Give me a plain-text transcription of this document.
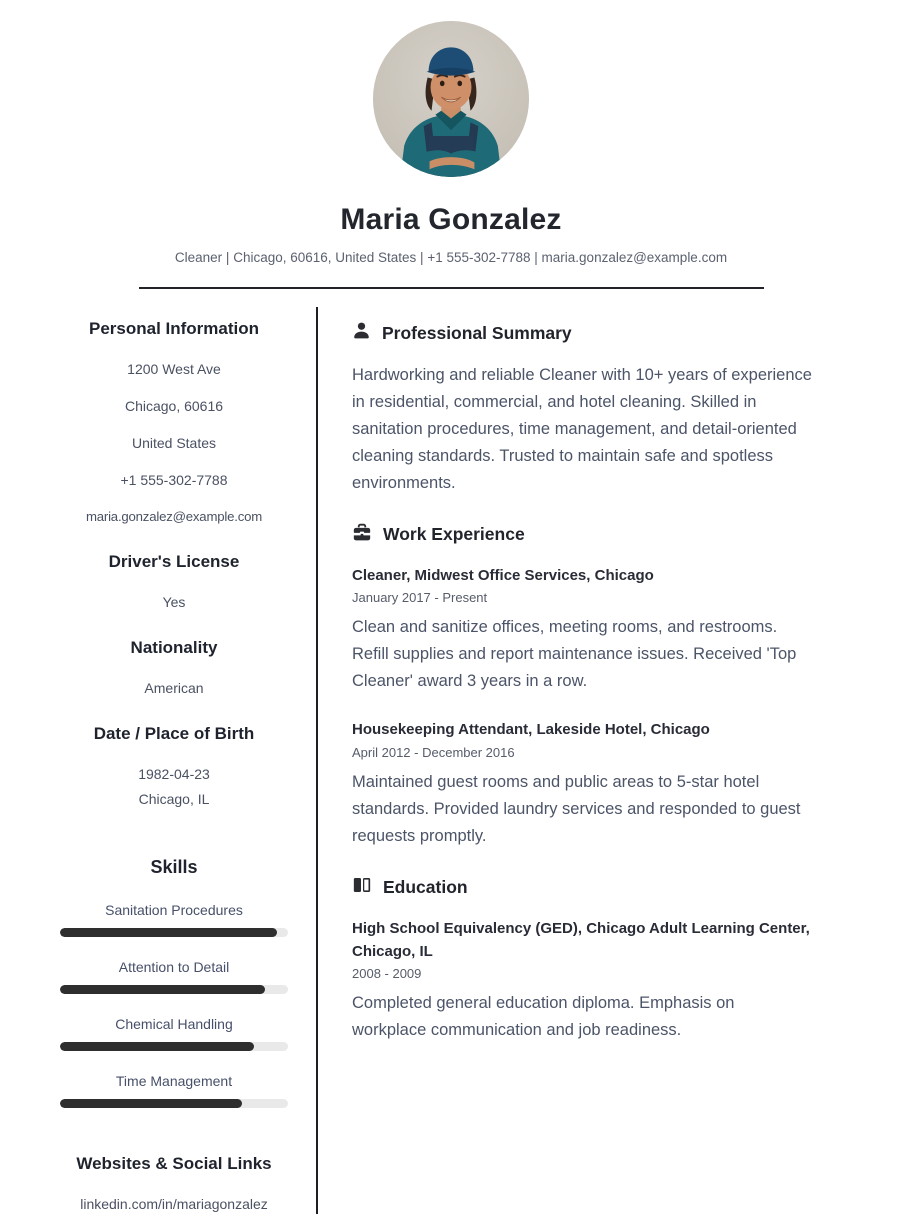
Maria Gonzalez
Cleaner | Chicago, 60616, United States | +1 555-302-7788 | maria.gonzalez@example.com
Personal Information
1200 West Ave
Chicago, 60616
United States
+1 555-302-7788
maria.gonzalez@example.com
Driver's License
Yes
Nationality
American
Date / Place of Birth
1982-04-23
Chicago, IL
Skills
Sanitation Procedures
Attention to Detail
Chemical Handling
Time Management
Websites & Social Links
linkedin.com/in/mariagonzalez
Professional Summary

Hardworking and reliable Cleaner with 10+ years of experience in residential, commercial, and hotel cleaning. Skilled in sanitation procedures, time management, and detail-oriented cleaning standards. Trusted to maintain safe and spotless environments.

Work Experience
Cleaner, Midwest Office Services, Chicago
January 2017 - Present
Clean and sanitize offices, meeting rooms, and restrooms. Refill supplies and report maintenance issues. Received 'Top Cleaner' award 3 years in a row.
Housekeeping Attendant, Lakeside Hotel, Chicago
April 2012 - December 2016
Maintained guest rooms and public areas to 5-star hotel standards. Provided laundry services and responded to guest requests promptly.
Education
High School Equivalency (GED), Chicago Adult Learning Center, Chicago, IL
2008 - 2009
Completed general education diploma. Emphasis on workplace communication and job readiness.
